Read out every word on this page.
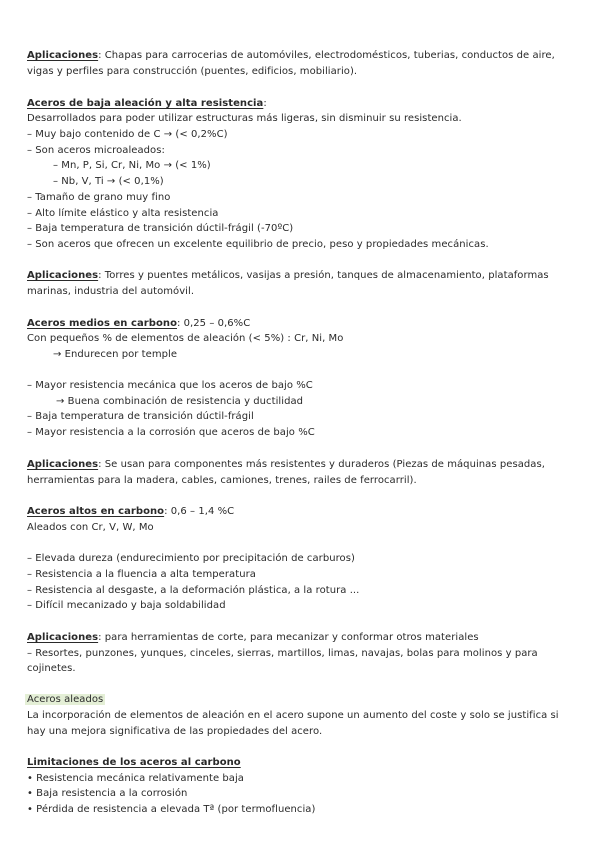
Aplicaciones: Chapas para carrocerias de automóviles, electrodomésticos, tuberias, conductos de aire,
vigas y perfiles para construcción (puentes, edificios, mobiliario).
Aceros de baja aleación y alta resistencia:
Desarrollados para poder utilizar estructuras más ligeras, sin disminuir su resistencia.
– Muy bajo contenido de C → (< 0,2%C)
– Son aceros microaleados:
– Mn, P, Si, Cr, Ni, Mo → (< 1%)
– Nb, V, Ti → (< 0,1%)
– Tamaño de grano muy fino
– Alto límite elástico y alta resistencia
– Baja temperatura de transición dúctil-frágil (-70ºC)
– Son aceros que ofrecen un excelente equilibrio de precio, peso y propiedades mecánicas.
Aplicaciones: Torres y puentes metálicos, vasijas a presión, tanques de almacenamiento, plataformas
marinas, industria del automóvil.
Aceros medios en carbono: 0,25 – 0,6%C
Con pequeños % de elementos de aleación (< 5%) : Cr, Ni, Mo
→ Endurecen por temple
– Mayor resistencia mecánica que los aceros de bajo %C
→ Buena combinación de resistencia y ductilidad
– Baja temperatura de transición dúctil-frágil
– Mayor resistencia a la corrosión que aceros de bajo %C
Aplicaciones: Se usan para componentes más resistentes y duraderos (Piezas de máquinas pesadas,
herramientas para la madera, cables, camiones, trenes, railes de ferrocarril).
Aceros altos en carbono: 0,6 – 1,4 %C
Aleados con Cr, V, W, Mo
– Elevada dureza (endurecimiento por precipitación de carburos)
– Resistencia a la fluencia a alta temperatura
– Resistencia al desgaste, a la deformación plástica, a la rotura ...
– Difícil mecanizado y baja soldabilidad
Aplicaciones: para herramientas de corte, para mecanizar y conformar otros materiales
– Resortes, punzones, yunques, cinceles, sierras, martillos, limas, navajas, bolas para molinos y para
cojinetes.
Aceros aleados
La incorporación de elementos de aleación en el acero supone un aumento del coste y solo se justifica si
hay una mejora significativa de las propiedades del acero.
Limitaciones de los aceros al carbono
• Resistencia mecánica relativamente baja
• Baja resistencia a la corrosión
• Pérdida de resistencia a elevada Tª (por termofluencia)
